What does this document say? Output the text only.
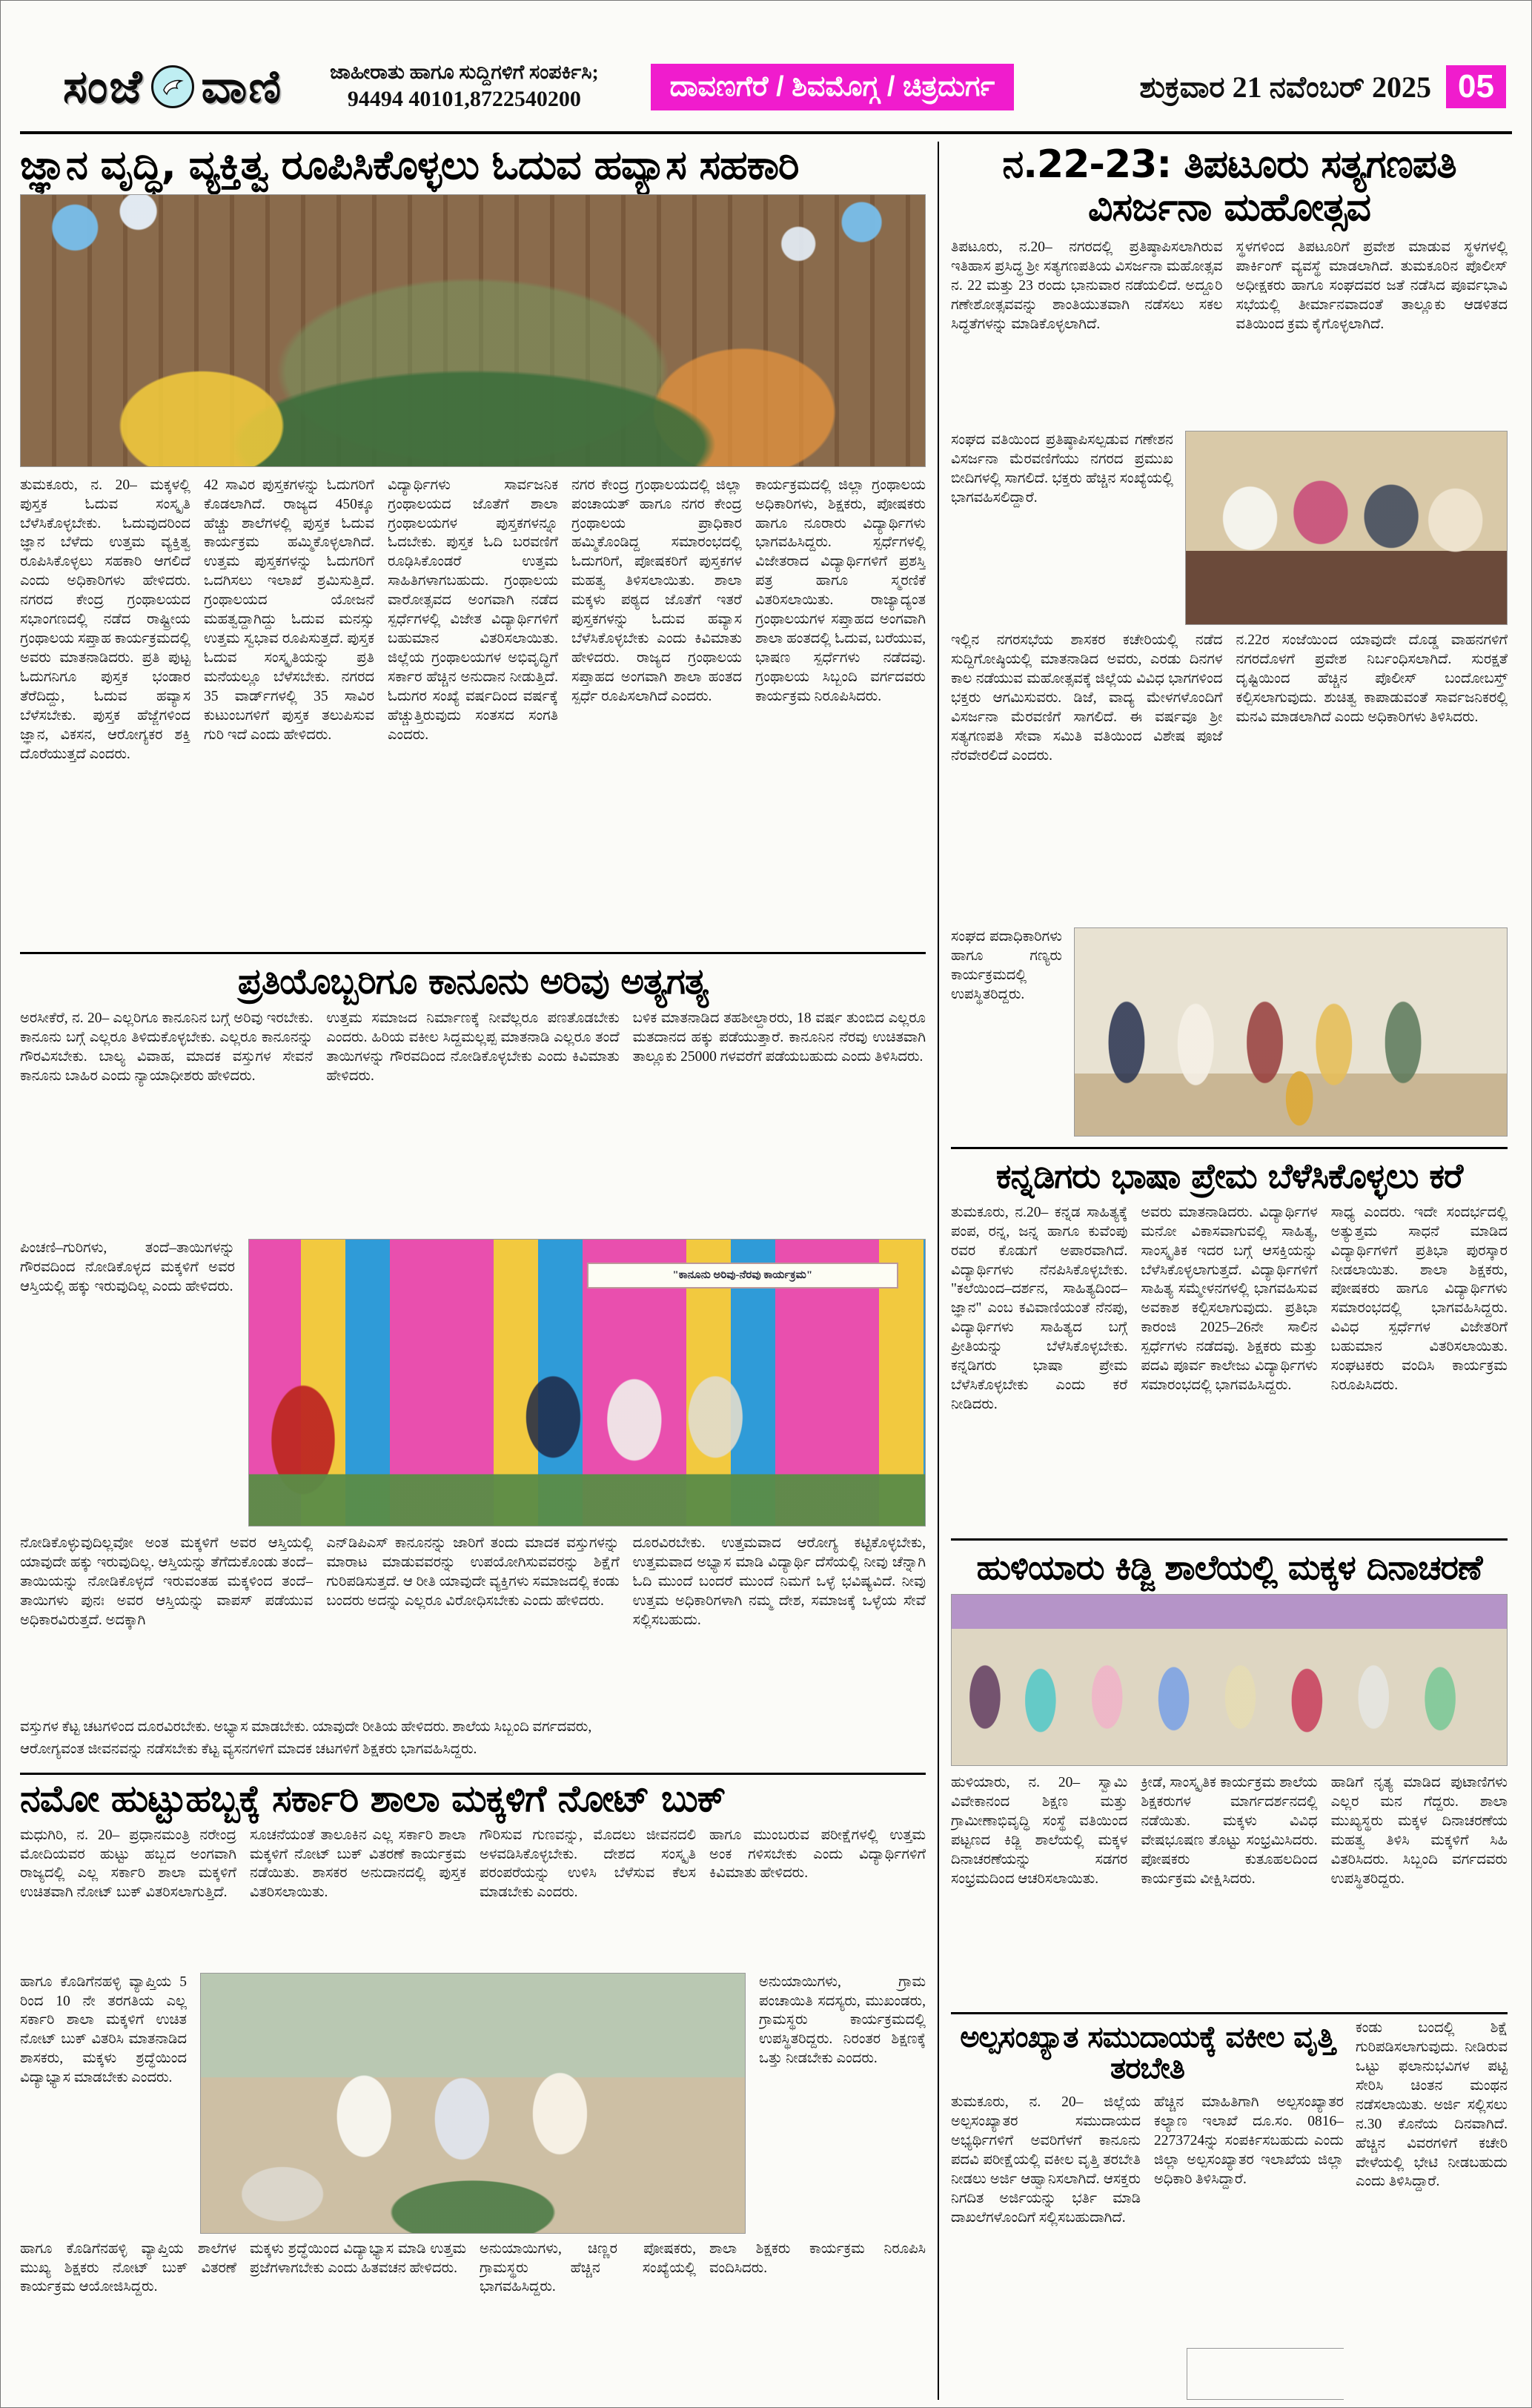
ಸಂಜೆ ವಾಣಿ ಜಾಹೀರಾತು ಹಾಗೂ ಸುದ್ದಿಗಳಿಗೆ ಸಂಪರ್ಕಿಸಿ;
94494 40101,8722540200	ದಾವಣಗೆರೆ / ಶಿವಮೊಗ್ಗ / ಚಿತ್ರದುರ್ಗ	ಶುಕ್ರವಾರ 21 ನವೆಂಬರ್ 2025 05
ಜ್ಞಾನ ವೃದ್ಧಿ, ವ್ಯಕ್ತಿತ್ವ ರೂಪಿಸಿಕೊಳ್ಳಲು ಓದುವ ಹವ್ಯಾಸ ಸಹಕಾರಿ
ತುಮಕೂರು, ನ. 20– ಮಕ್ಕಳಲ್ಲಿ ಪುಸ್ತಕ ಓದುವ ಸಂಸ್ಕೃತಿ ಬೆಳೆಸಿಕೊಳ್ಳಬೇಕು. ಓದುವುದರಿಂದ ಜ್ಞಾನ ಬೆಳೆದು ಉತ್ತಮ ವ್ಯಕ್ತಿತ್ವ ರೂಪಿಸಿಕೊಳ್ಳಲು ಸಹಕಾರಿ ಆಗಲಿದೆ ಎಂದು ಅಧಿಕಾರಿಗಳು ಹೇಳಿದರು. ನಗರದ ಕೇಂದ್ರ ಗ್ರಂಥಾಲಯದ ಸಭಾಂಗಣದಲ್ಲಿ ನಡೆದ ರಾಷ್ಟ್ರೀಯ ಗ್ರಂಥಾಲಯ ಸಪ್ತಾಹ ಕಾರ್ಯಕ್ರಮದಲ್ಲಿ ಅವರು ಮಾತನಾಡಿದರು. ಪ್ರತಿ ಪುಟ್ಟ ಓದುಗನಿಗೂ ಪುಸ್ತಕ ಭಂಡಾರ ತೆರೆದಿದ್ದು, ಓದುವ ಹವ್ಯಾಸ ಬೆಳೆಸಬೇಕು. ಪುಸ್ತಕ ಹೆಜ್ಜೆಗಳಿಂದ ಜ್ಞಾನ, ವಿಕಸನ, ಆರೋಗ್ಯಕರ ಶಕ್ತಿ ದೊರೆಯುತ್ತದೆ ಎಂದರು.
42 ಸಾವಿರ ಪುಸ್ತಕಗಳನ್ನು ಓದುಗರಿಗೆ ಕೊಡಲಾಗಿದೆ. ರಾಜ್ಯದ 450ಕ್ಕೂ ಹೆಚ್ಚು ಶಾಲೆಗಳಲ್ಲಿ ಪುಸ್ತಕ ಓದುವ ಕಾರ್ಯಕ್ರಮ ಹಮ್ಮಿಕೊಳ್ಳಲಾಗಿದೆ. ಉತ್ತಮ ಪುಸ್ತಕಗಳನ್ನು ಓದುಗರಿಗೆ ಒದಗಿಸಲು ಇಲಾಖೆ ಶ್ರಮಿಸುತ್ತಿದೆ. ಗ್ರಂಥಾಲಯದ ಯೋಜನೆ ಮಹತ್ವದ್ದಾಗಿದ್ದು ಓದುವ ಮನಸ್ಸು ಉತ್ತಮ ಸ್ವಭಾವ ರೂಪಿಸುತ್ತದೆ. ಪುಸ್ತಕ ಓದುವ ಸಂಸ್ಕೃತಿಯನ್ನು ಪ್ರತಿ ಮನೆಯಲ್ಲೂ ಬೆಳೆಸಬೇಕು. ನಗರದ 35 ವಾರ್ಡ್‌ಗಳಲ್ಲಿ 35 ಸಾವಿರ ಕುಟುಂಬಗಳಿಗೆ ಪುಸ್ತಕ ತಲುಪಿಸುವ ಗುರಿ ಇದೆ ಎಂದು ಹೇಳಿದರು.
ವಿದ್ಯಾರ್ಥಿಗಳು ಸಾರ್ವಜನಿಕ ಗ್ರಂಥಾಲಯದ ಜೊತೆಗೆ ಶಾಲಾ ಗ್ರಂಥಾಲಯಗಳ ಪುಸ್ತಕಗಳನ್ನೂ ಓದಬೇಕು. ಪುಸ್ತಕ ಓದಿ ಬರವಣಿಗೆ ರೂಢಿಸಿಕೊಂಡರೆ ಉತ್ತಮ ಸಾಹಿತಿಗಳಾಗಬಹುದು. ಗ್ರಂಥಾಲಯ ವಾರೋತ್ಸವದ ಅಂಗವಾಗಿ ನಡೆದ ಸ್ಪರ್ಧೆಗಳಲ್ಲಿ ವಿಜೇತ ವಿದ್ಯಾರ್ಥಿಗಳಿಗೆ ಬಹುಮಾನ ವಿತರಿಸಲಾಯಿತು. ಜಿಲ್ಲೆಯ ಗ್ರಂಥಾಲಯಗಳ ಅಭಿವೃದ್ಧಿಗೆ ಸರ್ಕಾರ ಹೆಚ್ಚಿನ ಅನುದಾನ ನೀಡುತ್ತಿದೆ. ಓದುಗರ ಸಂಖ್ಯೆ ವರ್ಷದಿಂದ ವರ್ಷಕ್ಕೆ ಹೆಚ್ಚುತ್ತಿರುವುದು ಸಂತಸದ ಸಂಗತಿ ಎಂದರು.
ನಗರ ಕೇಂದ್ರ ಗ್ರಂಥಾಲಯದಲ್ಲಿ ಜಿಲ್ಲಾ ಪಂಚಾಯತ್ ಹಾಗೂ ನಗರ ಕೇಂದ್ರ ಗ್ರಂಥಾಲಯ ಪ್ರಾಧಿಕಾರ ಹಮ್ಮಿಕೊಂಡಿದ್ದ ಸಮಾರಂಭದಲ್ಲಿ ಓದುಗರಿಗೆ, ಪೋಷಕರಿಗೆ ಪುಸ್ತಕಗಳ ಮಹತ್ವ ತಿಳಿಸಲಾಯಿತು. ಶಾಲಾ ಮಕ್ಕಳು ಪಠ್ಯದ ಜೊತೆಗೆ ಇತರೆ ಪುಸ್ತಕಗಳನ್ನು ಓದುವ ಹವ್ಯಾಸ ಬೆಳೆಸಿಕೊಳ್ಳಬೇಕು ಎಂದು ಕಿವಿಮಾತು ಹೇಳಿದರು. ರಾಜ್ಯದ ಗ್ರಂಥಾಲಯ ಸಪ್ತಾಹದ ಅಂಗವಾಗಿ ಶಾಲಾ ಹಂತದ ಸ್ಪರ್ಧೆ ರೂಪಿಸಲಾಗಿದೆ ಎಂದರು.
ಕಾರ್ಯಕ್ರಮದಲ್ಲಿ ಜಿಲ್ಲಾ ಗ್ರಂಥಾಲಯ ಅಧಿಕಾರಿಗಳು, ಶಿಕ್ಷಕರು, ಪೋಷಕರು ಹಾಗೂ ನೂರಾರು ವಿದ್ಯಾರ್ಥಿಗಳು ಭಾಗವಹಿಸಿದ್ದರು. ಸ್ಪರ್ಧೆಗಳಲ್ಲಿ ವಿಜೇತರಾದ ವಿದ್ಯಾರ್ಥಿಗಳಿಗೆ ಪ್ರಶಸ್ತಿ ಪತ್ರ ಹಾಗೂ ಸ್ಮರಣಿಕೆ ವಿತರಿಸಲಾಯಿತು. ರಾಜ್ಯಾದ್ಯಂತ ಗ್ರಂಥಾಲಯಗಳ ಸಪ್ತಾಹದ ಅಂಗವಾಗಿ ಶಾಲಾ ಹಂತದಲ್ಲಿ ಓದುವ, ಬರೆಯುವ, ಭಾಷಣ ಸ್ಪರ್ಧೆಗಳು ನಡೆದವು. ಗ್ರಂಥಾಲಯ ಸಿಬ್ಬಂದಿ ವರ್ಗದವರು ಕಾರ್ಯಕ್ರಮ ನಿರೂಪಿಸಿದರು.
ಪ್ರತಿಯೊಬ್ಬರಿಗೂ ಕಾನೂನು ಅರಿವು ಅತ್ಯಗತ್ಯ
ಅರಸೀಕೆರೆ, ನ. 20– ಎಲ್ಲರಿಗೂ ಕಾನೂನಿನ ಬಗ್ಗೆ ಅರಿವು ಇರಬೇಕು. ಕಾನೂನು ಬಗ್ಗೆ ಎಲ್ಲರೂ ತಿಳಿದುಕೊಳ್ಳಬೇಕು. ಎಲ್ಲರೂ ಕಾನೂನನ್ನು ಗೌರವಿಸಬೇಕು. ಬಾಲ್ಯ ವಿವಾಹ, ಮಾದಕ ವಸ್ತುಗಳ ಸೇವನೆ ಕಾನೂನು ಬಾಹಿರ ಎಂದು ನ್ಯಾಯಾಧೀಶರು ಹೇಳಿದರು.
ಉತ್ತಮ ಸಮಾಜದ ನಿರ್ಮಾಣಕ್ಕೆ ನೀವೆಲ್ಲರೂ ಪಣತೊಡಬೇಕು ಎಂದರು. ಹಿರಿಯ ವಕೀಲ ಸಿದ್ದಮಲ್ಲಪ್ಪ ಮಾತನಾಡಿ ಎಲ್ಲರೂ ತಂದೆ ತಾಯಿಗಳನ್ನು ಗೌರವದಿಂದ ನೋಡಿಕೊಳ್ಳಬೇಕು ಎಂದು ಕಿವಿಮಾತು ಹೇಳಿದರು.
ಬಳಿಕ ಮಾತನಾಡಿದ ತಹಶೀಲ್ದಾರರು, 18 ವರ್ಷ ತುಂಬಿದ ಎಲ್ಲರೂ ಮತದಾನದ ಹಕ್ಕು ಪಡೆಯುತ್ತಾರೆ. ಕಾನೂನಿನ ನೆರವು ಉಚಿತವಾಗಿ ತಾಲ್ಲೂಕು 25000 ಗಳವರೆಗೆ ಪಡೆಯಬಹುದು ಎಂದು ತಿಳಿಸಿದರು.
ಪಿಂಚಣಿ–ಗುರಿಗಳು, ತಂದೆ–ತಾಯಿಗಳನ್ನು ಗೌರವದಿಂದ ನೋಡಿಕೊಳ್ಳದ ಮಕ್ಕಳಿಗೆ ಅವರ ಆಸ್ತಿಯಲ್ಲಿ ಹಕ್ಕು ಇರುವುದಿಲ್ಲ ಎಂದು ಹೇಳಿದರು.
"ಕಾನೂನು ಅರಿವು-ನೆರವು ಕಾರ್ಯಕ್ರಮ"
ನೋಡಿಕೊಳ್ಳುವುದಿಲ್ಲವೋ ಅಂತ ಮಕ್ಕಳಿಗೆ ಅವರ ಆಸ್ತಿಯಲ್ಲಿ ಯಾವುದೇ ಹಕ್ಕು ಇರುವುದಿಲ್ಲ. ಆಸ್ತಿಯನ್ನು ತೆಗೆದುಕೊಂಡು ತಂದೆ–ತಾಯಿಯನ್ನು ನೋಡಿಕೊಳ್ಳದೆ ಇರುವಂತಹ ಮಕ್ಕಳಿಂದ ತಂದೆ–ತಾಯಿಗಳು ಪುನಃ ಅವರ ಆಸ್ತಿಯನ್ನು ವಾಪಸ್ ಪಡೆಯುವ ಅಧಿಕಾರವಿರುತ್ತದೆ. ಅದಕ್ಕಾಗಿ
ಎನ್‌ಡಿಪಿಎಸ್ ಕಾನೂನನ್ನು ಜಾರಿಗೆ ತಂದು ಮಾದಕ ವಸ್ತುಗಳನ್ನು ಮಾರಾಟ ಮಾಡುವವರನ್ನು ಉಪಯೋಗಿಸುವವರನ್ನು ಶಿಕ್ಷೆಗೆ ಗುರಿಪಡಿಸುತ್ತದೆ. ಆ ರೀತಿ ಯಾವುದೇ ವ್ಯಕ್ತಿಗಳು ಸಮಾಜದಲ್ಲಿ ಕಂಡು ಬಂದರು ಅದನ್ನು ಎಲ್ಲರೂ ವಿರೋಧಿಸಬೇಕು ಎಂದು ಹೇಳಿದರು.
ದೂರವಿರಬೇಕು. ಉತ್ತಮವಾದ ಆರೋಗ್ಯ ಕಟ್ಟಿಕೊಳ್ಳಬೇಕು, ಉತ್ತಮವಾದ ಅಭ್ಯಾಸ ಮಾಡಿ ವಿದ್ಯಾರ್ಥಿ ದೆಸೆಯಲ್ಲಿ ನೀವು ಚೆನ್ನಾಗಿ ಓದಿ ಮುಂದೆ ಬಂದರೆ ಮುಂದೆ ನಿಮಗೆ ಒಳ್ಳೆ ಭವಿಷ್ಯವಿದೆ. ನೀವು ಉತ್ತಮ ಅಧಿಕಾರಿಗಳಾಗಿ ನಮ್ಮ ದೇಶ, ಸಮಾಜಕ್ಕೆ ಒಳ್ಳೆಯ ಸೇವೆ ಸಲ್ಲಿಸಬಹುದು.
ವಸ್ತುಗಳ ಕೆಟ್ಟ ಚಟಗಳಿಂದ ದೂರವಿರಬೇಕು. ಅಭ್ಯಾಸ ಮಾಡಬೇಕು. ಯಾವುದೇ ರೀತಿಯ ಹೇಳಿದರು. ಶಾಲೆಯ ಸಿಬ್ಬಂದಿ ವರ್ಗದವರು,
ಆರೋಗ್ಯವಂತ ಜೀವನವನ್ನು ನಡೆಸಬೇಕು ಕೆಟ್ಟ ವ್ಯಸನಗಳಿಗೆ ಮಾದಕ ಚಟಗಳಿಗೆ ಶಿಕ್ಷಕರು ಭಾಗವಹಿಸಿದ್ದರು.
ನಮೋ ಹುಟ್ಟುಹಬ್ಬಕ್ಕೆ ಸರ್ಕಾರಿ ಶಾಲಾ ಮಕ್ಕಳಿಗೆ ನೋಟ್ ಬುಕ್
ಮಧುಗಿರಿ, ನ. 20– ಪ್ರಧಾನಮಂತ್ರಿ ನರೇಂದ್ರ ಮೋದಿಯವರ ಹುಟ್ಟು ಹಬ್ಬದ ಅಂಗವಾಗಿ ರಾಜ್ಯದಲ್ಲಿ ಎಲ್ಲ ಸರ್ಕಾರಿ ಶಾಲಾ ಮಕ್ಕಳಿಗೆ ಉಚಿತವಾಗಿ ನೋಟ್ ಬುಕ್ ವಿತರಿಸಲಾಗುತ್ತಿದೆ.
ಸೂಚನೆಯಂತೆ ತಾಲೂಕಿನ ಎಲ್ಲ ಸರ್ಕಾರಿ ಶಾಲಾ ಮಕ್ಕಳಿಗೆ ನೋಟ್ ಬುಕ್ ವಿತರಣೆ ಕಾರ್ಯಕ್ರಮ ನಡೆಯಿತು. ಶಾಸಕರ ಅನುದಾನದಲ್ಲಿ ಪುಸ್ತಕ ವಿತರಿಸಲಾಯಿತು.
ಗೌರಿಸುವ ಗುಣವನ್ನು, ಮೊದಲು ಜೀವನದಲಿ ಅಳವಡಿಸಿಕೊಳ್ಳಬೇಕು. ದೇಶದ ಸಂಸ್ಕೃತಿ ಪರಂಪರೆಯನ್ನು ಉಳಿಸಿ ಬೆಳೆಸುವ ಕೆಲಸ ಮಾಡಬೇಕು ಎಂದರು.
ಹಾಗೂ ಮುಂಬರುವ ಪರೀಕ್ಷೆಗಳಲ್ಲಿ ಉತ್ತಮ ಅಂಕ ಗಳಿಸಬೇಕು ಎಂದು ವಿದ್ಯಾರ್ಥಿಗಳಿಗೆ ಕಿವಿಮಾತು ಹೇಳಿದರು.
ಹಾಗೂ ಕೊಡಿಗೆನಹಳ್ಳಿ ವ್ಯಾಪ್ತಿಯ 5 ರಿಂದ 10 ನೇ ತರಗತಿಯ ಎಲ್ಲ ಸರ್ಕಾರಿ ಶಾಲಾ ಮಕ್ಕಳಿಗೆ ಉಚಿತ ನೋಟ್ ಬುಕ್ ವಿತರಿಸಿ ಮಾತನಾಡಿದ ಶಾಸಕರು, ಮಕ್ಕಳು ಶ್ರದ್ಧೆಯಿಂದ ವಿದ್ಯಾಭ್ಯಾಸ ಮಾಡಬೇಕು ಎಂದರು.
ಅನುಯಾಯಿಗಳು, ಗ್ರಾಮ ಪಂಚಾಯಿತಿ ಸದಸ್ಯರು, ಮುಖಂಡರು, ಗ್ರಾಮಸ್ಥರು ಕಾರ್ಯಕ್ರಮದಲ್ಲಿ ಉಪಸ್ಥಿತರಿದ್ದರು. ನಿರಂತರ ಶಿಕ್ಷಣಕ್ಕೆ ಒತ್ತು ನೀಡಬೇಕು ಎಂದರು.
ಹಾಗೂ ಕೊಡಿಗೆನಹಳ್ಳಿ ವ್ಯಾಪ್ತಿಯ ಶಾಲೆಗಳ ಮುಖ್ಯ ಶಿಕ್ಷಕರು ನೋಟ್ ಬುಕ್ ವಿತರಣೆ ಕಾರ್ಯಕ್ರಮ ಆಯೋಜಿಸಿದ್ದರು.
ಮಕ್ಕಳು ಶ್ರದ್ಧೆಯಿಂದ ವಿದ್ಯಾಭ್ಯಾಸ ಮಾಡಿ ಉತ್ತಮ ಪ್ರಜೆಗಳಾಗಬೇಕು ಎಂದು ಹಿತವಚನ ಹೇಳಿದರು.
ಅನುಯಾಯಿಗಳು, ಚಿಣ್ಣರ ಪೋಷಕರು, ಗ್ರಾಮಸ್ಥರು ಹೆಚ್ಚಿನ ಸಂಖ್ಯೆಯಲ್ಲಿ ಭಾಗವಹಿಸಿದ್ದರು.
ಶಾಲಾ ಶಿಕ್ಷಕರು ಕಾರ್ಯಕ್ರಮ ನಿರೂಪಿಸಿ ವಂದಿಸಿದರು.
ನ.22-23: ತಿಪಟೂರು ಸತ್ಯಗಣಪತಿ ವಿಸರ್ಜನಾ ಮಹೋತ್ಸವ
ತಿಪಟೂರು, ನ.20– ನಗರದಲ್ಲಿ ಪ್ರತಿಷ್ಠಾಪಿಸಲಾಗಿರುವ ಇತಿಹಾಸ ಪ್ರಸಿದ್ಧ ಶ್ರೀ ಸತ್ಯಗಣಪತಿಯ ವಿಸರ್ಜನಾ ಮಹೋತ್ಸವ ನ. 22 ಮತ್ತು 23 ರಂದು ಭಾನುವಾರ ನಡೆಯಲಿದೆ. ಅದ್ದೂರಿ ಗಣೇಶೋತ್ಸವವನ್ನು ಶಾಂತಿಯುತವಾಗಿ ನಡೆಸಲು ಸಕಲ ಸಿದ್ಧತೆಗಳನ್ನು ಮಾಡಿಕೊಳ್ಳಲಾಗಿದೆ.
ಸ್ಥಳಗಳಿಂದ ತಿಪಟೂರಿಗೆ ಪ್ರವೇಶ ಮಾಡುವ ಸ್ಥಳಗಳಲ್ಲಿ ಪಾರ್ಕಿಂಗ್ ವ್ಯವಸ್ಥೆ ಮಾಡಲಾಗಿದೆ. ತುಮಕೂರಿನ ಪೊಲೀಸ್ ಅಧೀಕ್ಷಕರು ಹಾಗೂ ಸಂಘದವರ ಜತೆ ನಡೆಸಿದ ಪೂರ್ವಭಾವಿ ಸಭೆಯಲ್ಲಿ ತೀರ್ಮಾನವಾದಂತೆ ತಾಲ್ಲೂಕು ಆಡಳಿತದ ವತಿಯಿಂದ ಕ್ರಮ ಕೈಗೊಳ್ಳಲಾಗಿದೆ.
ಸಂಘದ ವತಿಯಿಂದ ಪ್ರತಿಷ್ಠಾಪಿಸಲ್ಪಡುವ ಗಣೇಶನ ವಿಸರ್ಜನಾ ಮೆರವಣಿಗೆಯು ನಗರದ ಪ್ರಮುಖ ಬೀದಿಗಳಲ್ಲಿ ಸಾಗಲಿದೆ. ಭಕ್ತರು ಹೆಚ್ಚಿನ ಸಂಖ್ಯೆಯಲ್ಲಿ ಭಾಗವಹಿಸಲಿದ್ದಾರೆ.
ಇಲ್ಲಿನ ನಗರಸಭೆಯ ಶಾಸಕರ ಕಚೇರಿಯಲ್ಲಿ ನಡೆದ ಸುದ್ದಿಗೋಷ್ಠಿಯಲ್ಲಿ ಮಾತನಾಡಿದ ಅವರು, ಎರಡು ದಿನಗಳ ಕಾಲ ನಡೆಯುವ ಮಹೋತ್ಸವಕ್ಕೆ ಜಿಲ್ಲೆಯ ವಿವಿಧ ಭಾಗಗಳಿಂದ ಭಕ್ತರು ಆಗಮಿಸುವರು. ಡಿಜೆ, ವಾದ್ಯ ಮೇಳಗಳೊಂದಿಗೆ ವಿಸರ್ಜನಾ ಮೆರವಣಿಗೆ ಸಾಗಲಿದೆ. ಈ ವರ್ಷವೂ ಶ್ರೀ ಸತ್ಯಗಣಪತಿ ಸೇವಾ ಸಮಿತಿ ವತಿಯಿಂದ ವಿಶೇಷ ಪೂಜೆ ನೆರವೇರಲಿದೆ ಎಂದರು.
ನ.22ರ ಸಂಜೆಯಿಂದ ಯಾವುದೇ ದೊಡ್ಡ ವಾಹನಗಳಿಗೆ ನಗರದೊಳಗೆ ಪ್ರವೇಶ ನಿರ್ಬಂಧಿಸಲಾಗಿದೆ. ಸುರಕ್ಷತೆ ದೃಷ್ಟಿಯಿಂದ ಹೆಚ್ಚಿನ ಪೊಲೀಸ್ ಬಂದೋಬಸ್ತ್ ಕಲ್ಪಿಸಲಾಗುವುದು. ಶುಚಿತ್ವ ಕಾಪಾಡುವಂತೆ ಸಾರ್ವಜನಿಕರಲ್ಲಿ ಮನವಿ ಮಾಡಲಾಗಿದೆ ಎಂದು ಅಧಿಕಾರಿಗಳು ತಿಳಿಸಿದರು.
ಸಂಘದ ಪದಾಧಿಕಾರಿಗಳು ಹಾಗೂ ಗಣ್ಯರು ಕಾರ್ಯಕ್ರಮದಲ್ಲಿ ಉಪಸ್ಥಿತರಿದ್ದರು.
ಕನ್ನಡಿಗರು ಭಾಷಾ ಪ್ರೇಮ ಬೆಳೆಸಿಕೊಳ್ಳಲು ಕರೆ
ತುಮಕೂರು, ನ.20– ಕನ್ನಡ ಸಾಹಿತ್ಯಕ್ಕೆ ಪಂಪ, ರನ್ನ, ಜನ್ನ ಹಾಗೂ ಕುವೆಂಪು ರವರ ಕೊಡುಗೆ ಅಪಾರವಾಗಿದೆ. ವಿದ್ಯಾರ್ಥಿಗಳು ನೆನಪಿಸಿಕೊಳ್ಳಬೇಕು. "ಕಲೆಯಿಂದ–ದರ್ಶನ, ಸಾಹಿತ್ಯದಿಂದ–ಜ್ಞಾನ" ಎಂಬ ಕವಿವಾಣಿಯಂತೆ ನೆನಪು, ವಿದ್ಯಾರ್ಥಿಗಳು ಸಾಹಿತ್ಯದ ಬಗ್ಗೆ ಪ್ರೀತಿಯನ್ನು ಬೆಳೆಸಿಕೊಳ್ಳಬೇಕು. ಕನ್ನಡಿಗರು ಭಾಷಾ ಪ್ರೇಮ ಬೆಳೆಸಿಕೊಳ್ಳಬೇಕು ಎಂದು ಕರೆ ನೀಡಿದರು.
ಅವರು ಮಾತನಾಡಿದರು. ವಿದ್ಯಾರ್ಥಿಗಳ ಮನೋ ವಿಕಾಸವಾಗುವಲ್ಲಿ ಸಾಹಿತ್ಯ, ಸಾಂಸ್ಕೃತಿಕ ಇದರ ಬಗ್ಗೆ ಆಸಕ್ತಿಯನ್ನು ಬೆಳೆಸಿಕೊಳ್ಳಲಾಗುತ್ತದೆ. ವಿದ್ಯಾರ್ಥಿಗಳಿಗೆ ಸಾಹಿತ್ಯ ಸಮ್ಮೇಳನಗಳಲ್ಲಿ ಭಾಗವಹಿಸುವ ಅವಕಾಶ ಕಲ್ಪಿಸಲಾಗುವುದು. ಪ್ರತಿಭಾ ಕಾರಂಜಿ 2025–26ನೇ ಸಾಲಿನ ಸ್ಪರ್ಧೆಗಳು ನಡೆದವು. ಶಿಕ್ಷಕರು ಮತ್ತು ಪದವಿ ಪೂರ್ವ ಕಾಲೇಜು ವಿದ್ಯಾರ್ಥಿಗಳು ಸಮಾರಂಭದಲ್ಲಿ ಭಾಗವಹಿಸಿದ್ದರು.
ಸಾಧ್ಯ ಎಂದರು. ಇದೇ ಸಂದರ್ಭದಲ್ಲಿ ಅತ್ಯುತ್ತಮ ಸಾಧನೆ ಮಾಡಿದ ವಿದ್ಯಾರ್ಥಿಗಳಿಗೆ ಪ್ರತಿಭಾ ಪುರಸ್ಕಾರ ನೀಡಲಾಯಿತು. ಶಾಲಾ ಶಿಕ್ಷಕರು, ಪೋಷಕರು ಹಾಗೂ ವಿದ್ಯಾರ್ಥಿಗಳು ಸಮಾರಂಭದಲ್ಲಿ ಭಾಗವಹಿಸಿದ್ದರು. ವಿವಿಧ ಸ್ಪರ್ಧೆಗಳ ವಿಜೇತರಿಗೆ ಬಹುಮಾನ ವಿತರಿಸಲಾಯಿತು. ಸಂಘಟಕರು ವಂದಿಸಿ ಕಾರ್ಯಕ್ರಮ ನಿರೂಪಿಸಿದರು.
ಹುಳಿಯಾರು ಕಿಡ್ಜಿ ಶಾಲೆಯಲ್ಲಿ ಮಕ್ಕಳ ದಿನಾಚರಣೆ
ಹುಳಿಯಾರು, ನ. 20– ಸ್ವಾಮಿ ವಿವೇಕಾನಂದ ಶಿಕ್ಷಣ ಮತ್ತು ಗ್ರಾಮೀಣಾಭಿವೃದ್ಧಿ ಸಂಸ್ಥೆ ವತಿಯಿಂದ ಪಟ್ಟಣದ ಕಿಡ್ಜಿ ಶಾಲೆಯಲ್ಲಿ ಮಕ್ಕಳ ದಿನಾಚರಣೆಯನ್ನು ಸಡಗರ ಸಂಭ್ರಮದಿಂದ ಆಚರಿಸಲಾಯಿತು.
ಕ್ರೀಡೆ, ಸಾಂಸ್ಕೃತಿಕ ಕಾರ್ಯಕ್ರಮ ಶಾಲೆಯ ಶಿಕ್ಷಕರುಗಳ ಮಾರ್ಗದರ್ಶನದಲ್ಲಿ ನಡೆಯಿತು. ಮಕ್ಕಳು ವಿವಿಧ ವೇಷಭೂಷಣ ತೊಟ್ಟು ಸಂಭ್ರಮಿಸಿದರು. ಪೋಷಕರು ಕುತೂಹಲದಿಂದ ಕಾರ್ಯಕ್ರಮ ವೀಕ್ಷಿಸಿದರು.
ಹಾಡಿಗೆ ನೃತ್ಯ ಮಾಡಿದ ಪುಟಾಣಿಗಳು ಎಲ್ಲರ ಮನ ಗೆದ್ದರು. ಶಾಲಾ ಮುಖ್ಯಸ್ಥರು ಮಕ್ಕಳ ದಿನಾಚರಣೆಯ ಮಹತ್ವ ತಿಳಿಸಿ ಮಕ್ಕಳಿಗೆ ಸಿಹಿ ವಿತರಿಸಿದರು. ಸಿಬ್ಬಂದಿ ವರ್ಗದವರು ಉಪಸ್ಥಿತರಿದ್ದರು.
ಅಲ್ಪಸಂಖ್ಯಾತ ಸಮುದಾಯಕ್ಕೆ ವಕೀಲ ವೃತ್ತಿ ತರಬೇತಿ
ತುಮಕೂರು, ನ. 20– ಜಿಲ್ಲೆಯ ಅಲ್ಪಸಂಖ್ಯಾತರ ಸಮುದಾಯದ ಅಭ್ಯರ್ಥಿಗಳಿಗೆ ಅವರಿಗೆಳಗೆ ಕಾನೂನು ಪದವಿ ಪರೀಕ್ಷೆಯಲ್ಲಿ ವಕೀಲ ವೃತ್ತಿ ತರಬೇತಿ ನೀಡಲು ಅರ್ಜಿ ಆಹ್ವಾನಿಸಲಾಗಿದೆ. ಆಸಕ್ತರು ನಿಗದಿತ ಅರ್ಜಿಯನ್ನು ಭರ್ತಿ ಮಾಡಿ ದಾಖಲೆಗಳೊಂದಿಗೆ ಸಲ್ಲಿಸಬಹುದಾಗಿದೆ.
ಹೆಚ್ಚಿನ ಮಾಹಿತಿಗಾಗಿ ಅಲ್ಪಸಂಖ್ಯಾತರ ಕಲ್ಯಾಣ ಇಲಾಖೆ ದೂ.ಸಂ. 0816–2273724ನ್ನು ಸಂಪರ್ಕಿಸಬಹುದು ಎಂದು ಜಿಲ್ಲಾ ಅಲ್ಪಸಂಖ್ಯಾತರ ಇಲಾಖೆಯ ಜಿಲ್ಲಾ ಅಧಿಕಾರಿ ತಿಳಿಸಿದ್ದಾರೆ.
ಕಂಡು ಬಂದಲ್ಲಿ ಶಿಕ್ಷೆ ಗುರಿಪಡಿಸಲಾಗುವುದು. ನೀಡಿರುವ ಒಟ್ಟು ಫಲಾನುಭವಿಗಳ ಪಟ್ಟಿ ಸೇರಿಸಿ ಚಿಂತನ ಮಂಥನ ನಡೆಸಲಾಯಿತು. ಅರ್ಜಿ ಸಲ್ಲಿಸಲು ನ.30 ಕೊನೆಯ ದಿನವಾಗಿದೆ. ಹೆಚ್ಚಿನ ವಿವರಗಳಿಗೆ ಕಚೇರಿ ವೇಳೆಯಲ್ಲಿ ಭೇಟಿ ನೀಡಬಹುದು ಎಂದು ತಿಳಿಸಿದ್ದಾರೆ.
